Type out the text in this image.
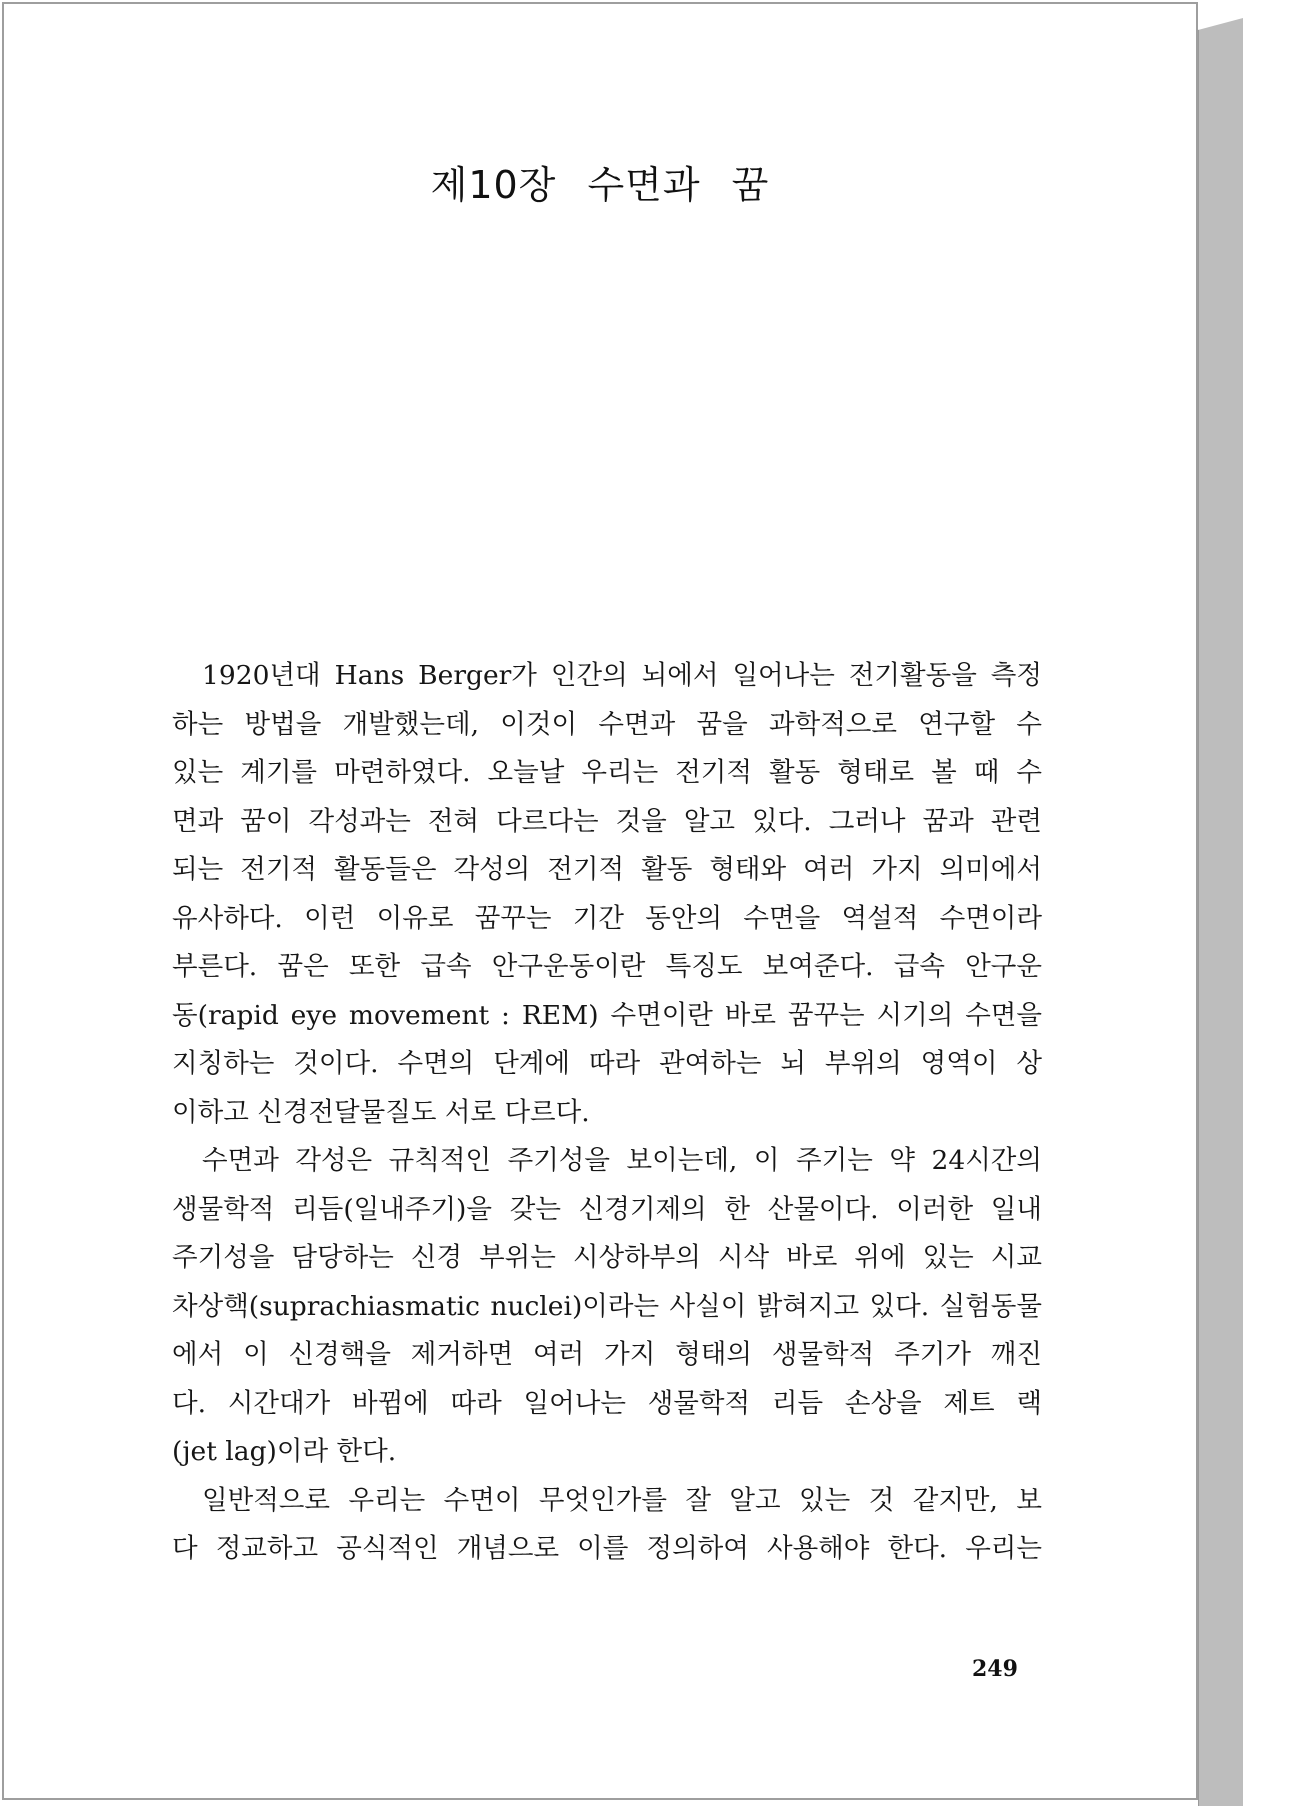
제10장 수면과 꿈

1920년대 Hans Berger가 인간의 뇌에서 일어나는 전기활동을 측정
하는 방법을 개발했는데, 이것이 수면과 꿈을 과학적으로 연구할 수
있는 계기를 마련하였다. 오늘날 우리는 전기적 활동 형태로 볼 때 수
면과 꿈이 각성과는 전혀 다르다는 것을 알고 있다. 그러나 꿈과 관련
되는 전기적 활동들은 각성의 전기적 활동 형태와 여러 가지 의미에서
유사하다. 이런 이유로 꿈꾸는 기간 동안의 수면을 역설적 수면이라
부른다. 꿈은 또한 급속 안구운동이란 특징도 보여준다. 급속 안구운
동(rapid eye movement : REM) 수면이란 바로 꿈꾸는 시기의 수면을
지칭하는 것이다. 수면의 단계에 따라 관여하는 뇌 부위의 영역이 상
이하고 신경전달물질도 서로 다르다.

수면과 각성은 규칙적인 주기성을 보이는데, 이 주기는 약 24시간의
생물학적 리듬(일내주기)을 갖는 신경기제의 한 산물이다. 이러한 일내
주기성을 담당하는 신경 부위는 시상하부의 시삭 바로 위에 있는 시교
차상핵(suprachiasmatic nuclei)이라는 사실이 밝혀지고 있다. 실험동물
에서 이 신경핵을 제거하면 여러 가지 형태의 생물학적 주기가 깨진
다. 시간대가 바뀜에 따라 일어나는 생물학적 리듬 손상을 제트 랙
(jet lag)이라 한다.

일반적으로 우리는 수면이 무엇인가를 잘 알고 있는 것 같지만, 보
다 정교하고 공식적인 개념으로 이를 정의하여 사용해야 한다. 우리는

249
